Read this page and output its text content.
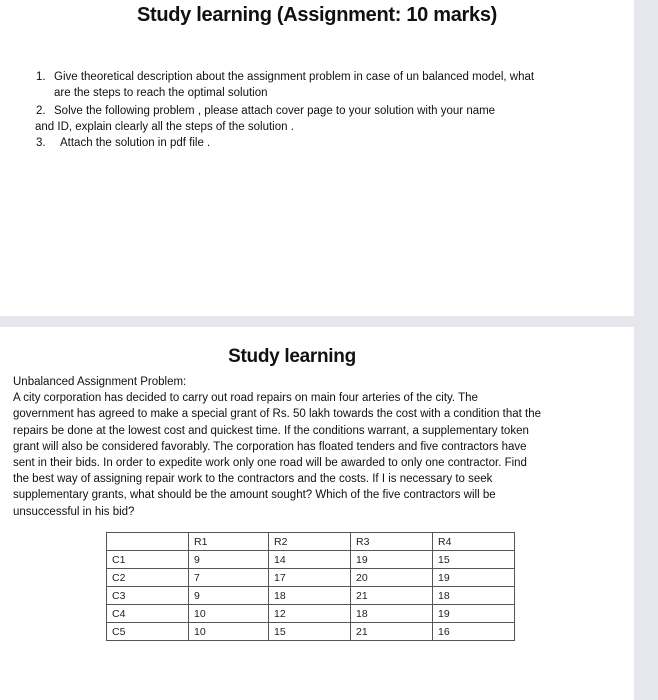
Study learning (Assignment: 10 marks)
1. Give theoretical description about the assignment problem in case of un balanced model, what
are the steps to reach the optimal solution
2. Solve the following problem , please attach cover page to your solution with your name
and ID, explain clearly all the steps of the solution .
3.	Attach the solution in pdf file .
Study learning
Unbalanced Assignment Problem:
A city corporation has decided to carry out road repairs on main four arteries of the city. The
government has agreed to make a special grant of Rs. 50 lakh towards the cost with a condition that the
repairs be done at the lowest cost and quickest time. If the conditions warrant, a supplementary token
grant will also be considered favorably. The corporation has floated tenders and five contractors have
sent in their bids. In order to expedite work only one road will be awarded to only one contractor. Find
the best way of assigning repair work to the contractors and the costs. If I is necessary to seek
supplementary grants, what should be the amount sought? Which of the five contractors will be
unsuccessful in his bid?
	R1	R2	R3	R4
C1	9	14	19	15
C2	7	17	20	19
C3	9	18	21	18
C4	10	12	18	19
C5	10	15	21	16
